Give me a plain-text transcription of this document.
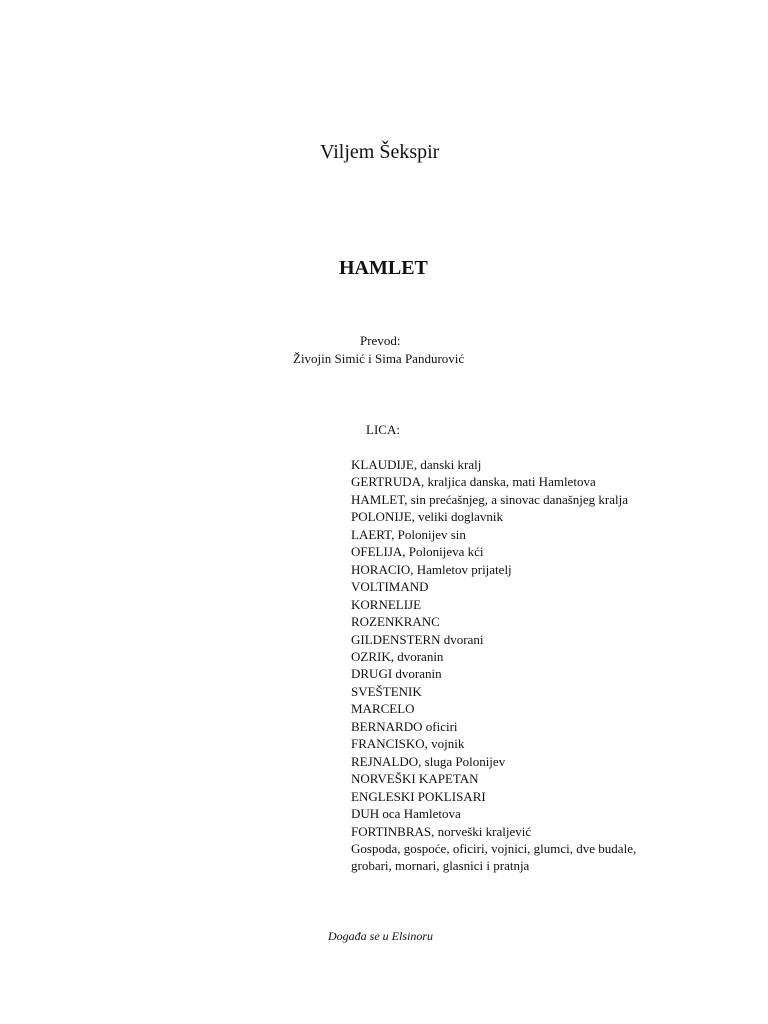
Viljem Šekspir
HAMLET
Prevod:
Živojin Simić i Sima Pandurović
LICA:
KLAUDIJE, danski kralj
GERTRUDA, kraljica danska, mati Hamletova
HAMLET, sin prećašnjeg, a sinovac današnjeg kralja
POLONIJE, veliki doglavnik
LAERT, Polonijev sin
OFELIJA, Polonijeva kći
HORACIO, Hamletov prijatelj
VOLTIMAND
KORNELIJE
ROZENKRANC
GILDENSTERN dvorani
OZRIK, dvoranin
DRUGI dvoranin
SVEŠTENIK
MARCELO
BERNARDO oficiri
FRANCISKO, vojnik
REJNALDO, sluga Polonijev
NORVEŠKI KAPETAN
ENGLESKI POKLISARI
DUH oca Hamletova
FORTINBRAS, norveški kraljević
Gospoda, gospoće, oficiri, vojnici, glumci, dve budale,
grobari, mornari, glasnici i pratnja
Događa se u Elsinoru
